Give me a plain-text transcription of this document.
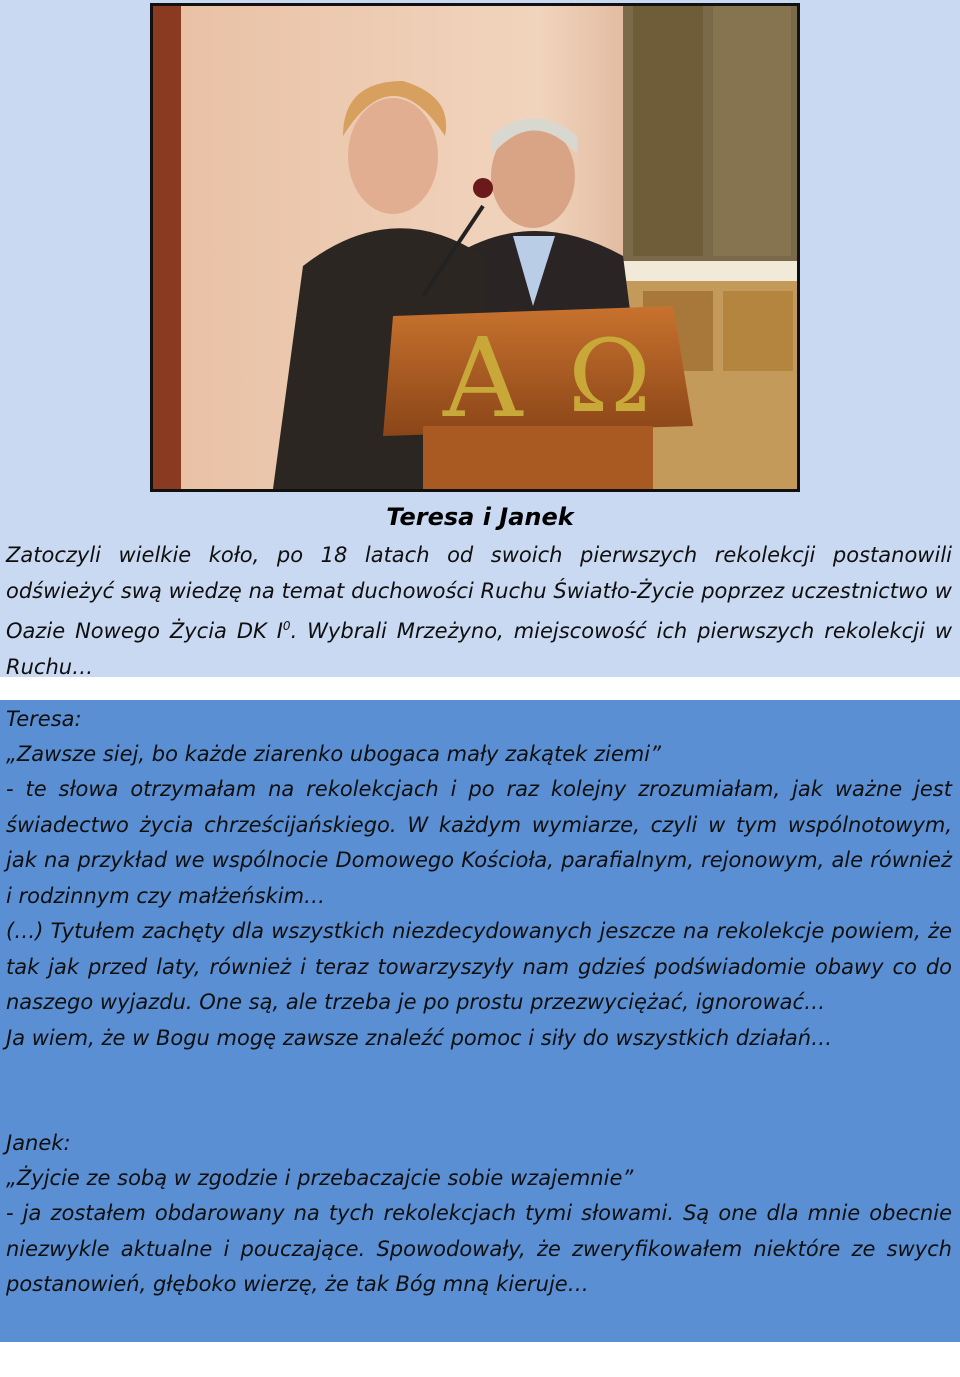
A Ω
Teresa i Janek

Zatoczyli wielkie koło, po 18 latach od swoich pierwszych rekolekcji postanowili odświeżyć swą wiedzę na temat duchowości Ruchu Światło-Życie poprzez uczestnictwo w Oazie Nowego Życia DK $I^0$. Wybrali Mrzeżyno, miejscowość ich pierwszych rekolekcji w Ruchu…

Teresa:

„Zawsze siej, bo każde ziarenko ubogaca mały zakątek ziemi”

- te słowa otrzymałam na rekolekcjach i po raz kolejny zrozumiałam, jak ważne jest świadectwo życia chrześcijańskiego. W każdym wymiarze, czyli w tym wspólnotowym, jak na przykład we wspólnocie Domowego Kościoła, parafialnym, rejonowym, ale również i rodzinnym czy małżeńskim…
(…) Tytułem zachęty dla wszystkich niezdecydowanych jeszcze na rekolekcje powiem, że tak jak przed laty, również i teraz towarzyszyły nam gdzieś podświadomie obawy co do naszego wyjazdu. One są, ale trzeba je po prostu przezwyciężać, ignorować…
Ja wiem, że w Bogu mogę zawsze znaleźć pomoc i siły do wszystkich działań…

Janek:

„Żyjcie ze sobą w zgodzie i przebaczajcie sobie wzajemnie”

- ja zostałem obdarowany na tych rekolekcjach tymi słowami. Są one dla mnie obecnie niezwykle aktualne i pouczające. Spowodowały, że zweryfikowałem niektóre ze swych postanowień, głęboko wierzę, że tak Bóg mną kieruje…
